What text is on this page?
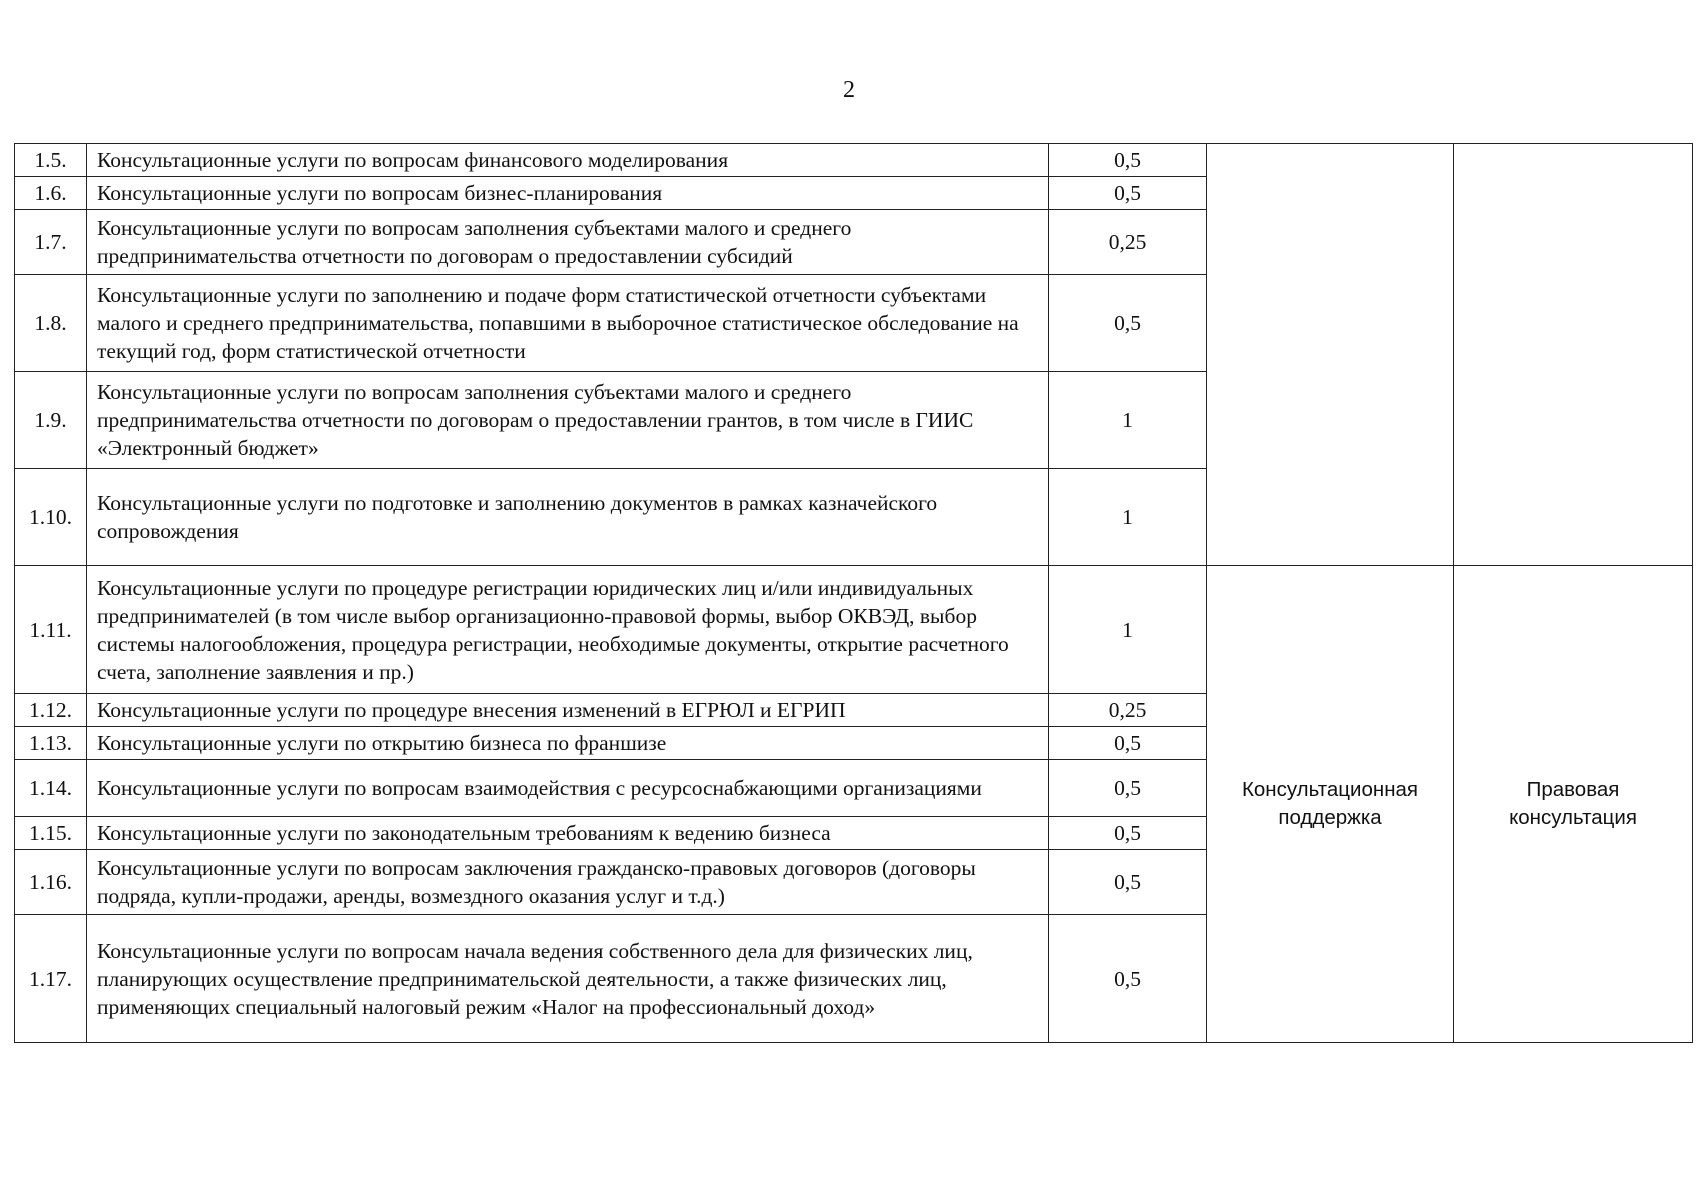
2
1.5.	Консультационные услуги по вопросам финансового моделирования	0,5		
1.6.	Консультационные услуги по вопросам бизнес-планирования	0,5		
1.7.	Консультационные услуги по вопросам заполнения субъектами малого и среднего предпринимательства отчетности по договорам о предоставлении субсидий	0,25		
1.8.	Консультационные услуги по заполнению и подаче форм статистической отчетности субъектами малого и среднего предпринимательства, попавшими в выборочное статистическое обследование на текущий год, форм статистической отчетности	0,5		
1.9.	Консультационные услуги по вопросам заполнения субъектами малого и среднего предпринимательства отчетности по договорам о предоставлении грантов, в том числе в ГИИС «Электронный бюджет»	1		
1.10.	Консультационные услуги по подготовке и заполнению документов в рамках казначейского сопровождения	1		
1.11.	Консультационные услуги по процедуре регистрации юридических лиц и/или индивидуальных предпринимателей (в том числе выбор организационно-правовой формы, выбор ОКВЭД, выбор системы налогообложения, процедура регистрации, необходимые документы, открытие расчетного счета, заполнение заявления и пр.)	1	Консультационная поддержка	Правовая консультация
1.12.	Консультационные услуги по процедуре внесения изменений в ЕГРЮЛ и ЕГРИП	0,25		
1.13.	Консультационные услуги по открытию бизнеса по франшизе	0,5		
1.14.	Консультационные услуги по вопросам взаимодействия с ресурсоснабжающими организациями	0,5		
1.15.	Консультационные услуги по законодательным требованиям к ведению бизнеса	0,5		
1.16.	Консультационные услуги по вопросам заключения гражданско-правовых договоров (договоры подряда, купли-продажи, аренды, возмездного оказания услуг и т.д.)	0,5		
1.17.	Консультационные услуги по вопросам начала ведения собственного дела для физических лиц, планирующих осуществление предпринимательской деятельности, а также физических лиц, применяющих специальный налоговый режим «Налог на профессиональный доход»	0,5		
